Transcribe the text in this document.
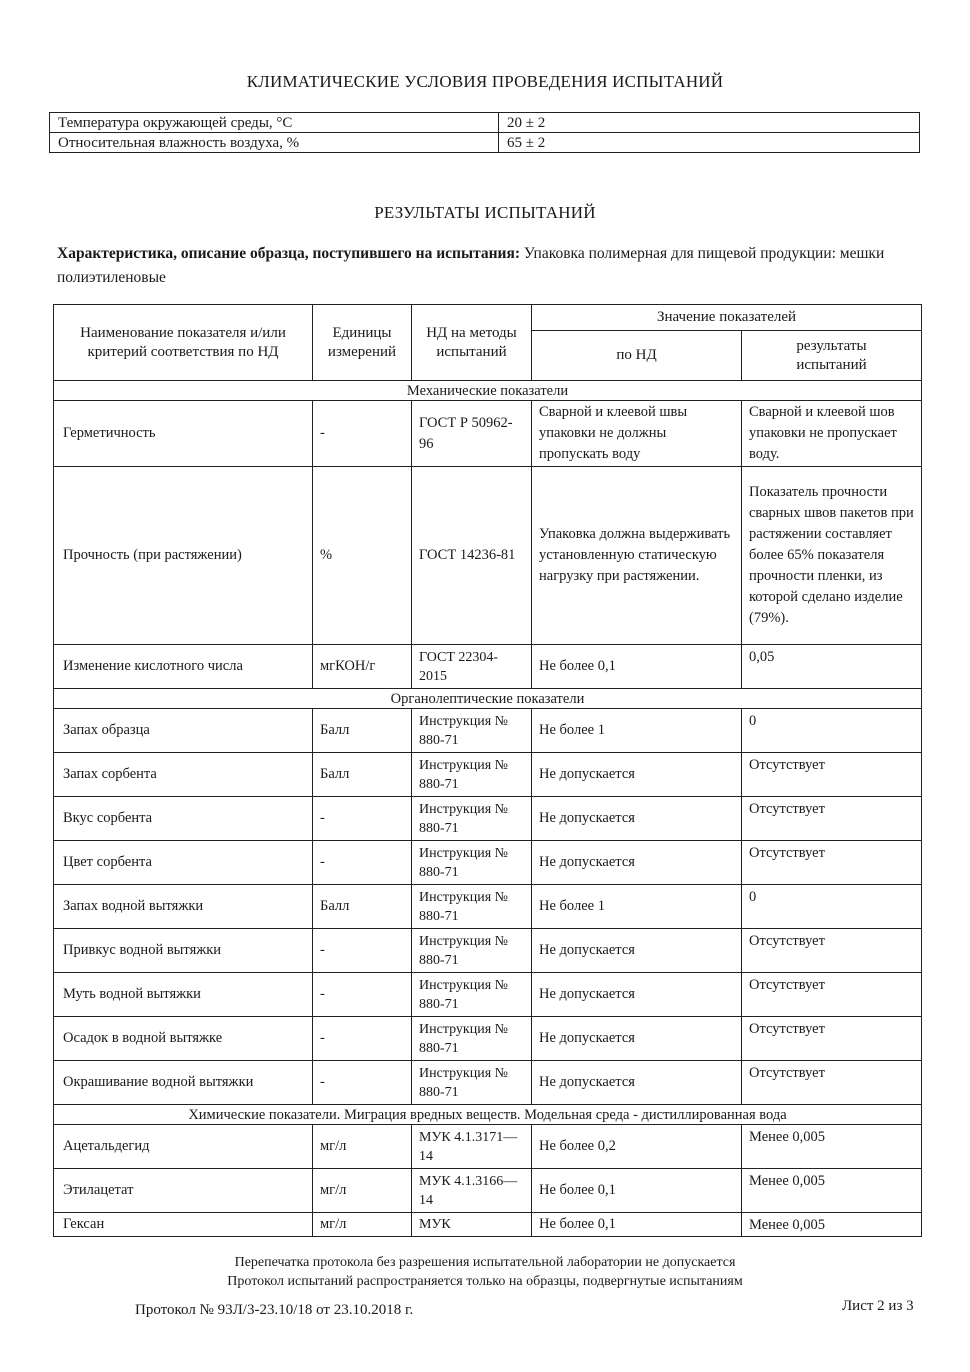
КЛИМАТИЧЕСКИЕ УСЛОВИЯ ПРОВЕДЕНИЯ ИСПЫТАНИЙ
Температура окружающей среды, °С	20 ± 2
Относительная влажность воздуха, %	65 ± 2
РЕЗУЛЬТАТЫ ИСПЫТАНИЙ
Характеристика, описание образца, поступившего на испытания: Упаковка полимерная для пищевой продукции: мешки полиэтиленовые
Наименование показателя и/или критерий соответствия по НД	Единицы измерений	НД на методы испытаний	Значение показателей	
			по НД	результаты испытаний
Механические показатели				
Герметичность	-	ГОСТ Р 50962-96	Сварной и клеевой швы упаковки не должны пропускать воду	Сварной и клеевой шов упаковки не пропускает воду.
Прочность (при растяжении)	%	ГОСТ 14236-81	Упаковка должна выдерживать установленную статическую нагрузку при растяжении.	Показатель прочности сварных швов пакетов при растяжении составляет более 65% показателя прочности пленки, из которой сделано изделие (79%).
Изменение кислотного числа	мгКОН/г	ГОСТ 22304-2015	Не более 0,1	0,05
Органолептические показатели				
Запах образца	Балл	Инструкция № 880-71	Не более 1	0
Запах сорбента	Балл	Инструкция № 880-71	Не допускается	Отсутствует
Вкус сорбента	-	Инструкция № 880-71	Не допускается	Отсутствует
Цвет сорбента	-	Инструкция № 880-71	Не допускается	Отсутствует
Запах водной вытяжки	Балл	Инструкция № 880-71	Не более 1	0
Привкус водной вытяжки	-	Инструкция № 880-71	Не допускается	Отсутствует
Муть водной вытяжки	-	Инструкция № 880-71	Не допускается	Отсутствует
Осадок в водной вытяжке	-	Инструкция № 880-71	Не допускается	Отсутствует
Окрашивание водной вытяжки	-	Инструкция № 880-71	Не допускается	Отсутствует
Химические показатели. Миграция вредных веществ. Модельная среда - дистиллированная вода				
Ацетальдегид	мг/л	МУК 4.1.3171—14	Не более 0,2	Менее 0,005
Этилацетат	мг/л	МУК 4.1.3166—14	Не более 0,1	Менее 0,005
Гексан	мг/л	МУК	Не более 0,1	Менее 0,005
Перепечатка протокола без разрешения испытательной лаборатории не допускается
Протокол испытаний распространяется только на образцы, подвергнутые испытаниям
Протокол № 93Л/3-23.10/18 от 23.10.2018 г.	Лист 2 из 3
